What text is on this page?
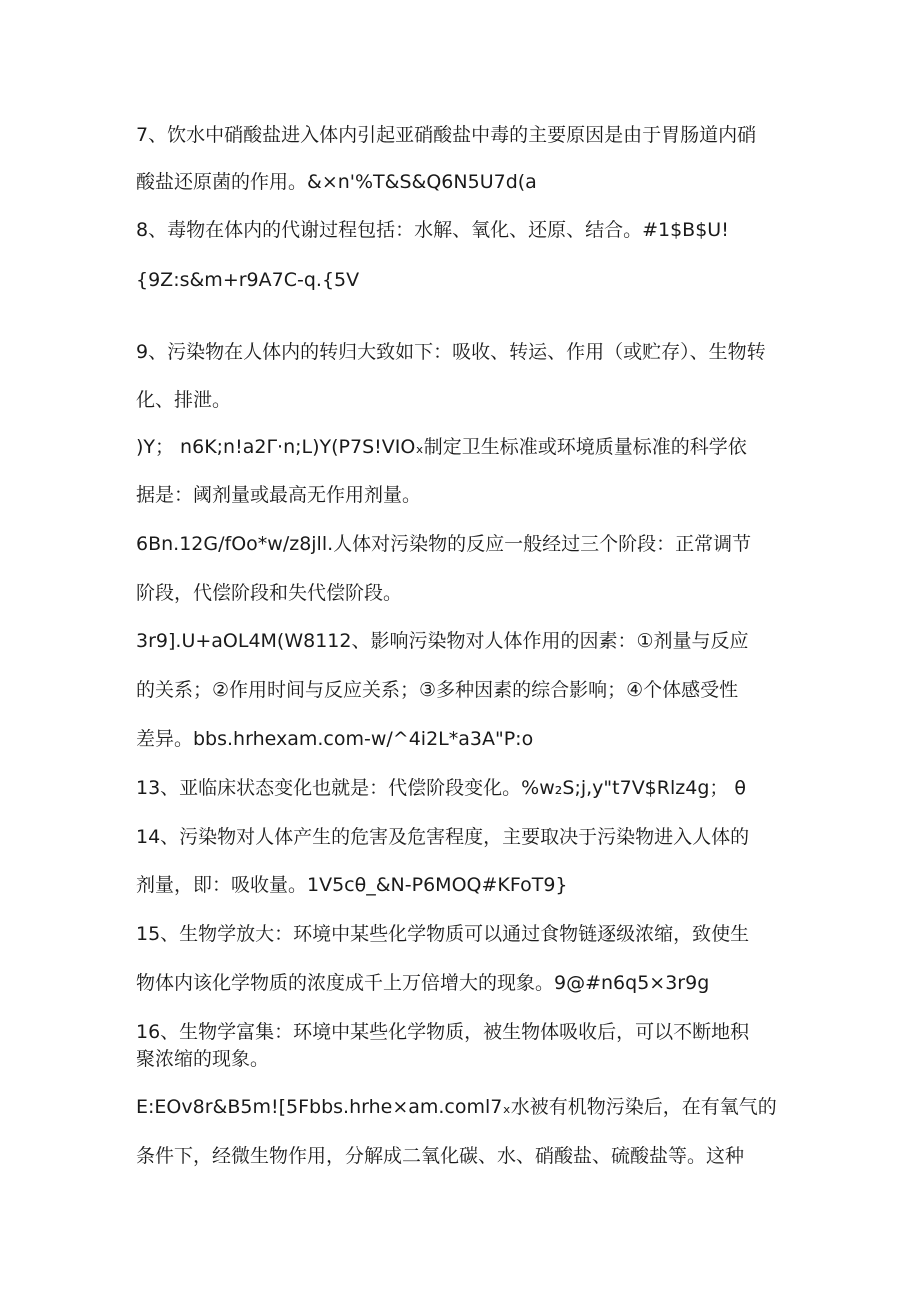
7、饮水中硝酸盐进入体内引起亚硝酸盐中毒的主要原因是由于胃肠道内硝
酸盐还原菌的作用。&×n'%T&S&Q6N5U7d(a
8、毒物在体内的代谢过程包括：水解、氧化、还原、结合。#1$B$U!
{9Z:s&m+r9A7C-q.{5V
9、污染物在人体内的转归大致如下：吸收、转运、作用（或贮存）、生物转
化、排泄。
)Y； n6K;n!a2Γ·n;L)Y(P7S!VIOₓ制定卫生标准或环境质量标准的科学依
据是：阈剂量或最高无作用剂量。
6Bn.12G/fOo*w∕z8jll.人体对污染物的反应一般经过三个阶段：正常调节
阶段，代偿阶段和失代偿阶段。
3r9].U+aOL4M(W8112、影响污染物对人体作用的因素：①剂量与反应
的关系；②作用时间与反应关系；③多种因素的综合影响；④个体感受性
差异。bbs.hrhexam.com-w/^4i2L*a3A"P:o
13、亚临床状态变化也就是：代偿阶段变化。%w₂S;j,y"t7V$Rlz4g； θ
14、污染物对人体产生的危害及危害程度，主要取决于污染物进入人体的
剂量，即：吸收量。1V5cθ_&N-P6MOQ#KFoT9}
15、生物学放大：环境中某些化学物质可以通过食物链逐级浓缩，致使生
物体内该化学物质的浓度成千上万倍增大的现象。9@#n6q5×3r9g
16、生物学富集：环境中某些化学物质，被生物体吸收后，可以不断地积
聚浓缩的现象。
E:EOv8r&B5m![5Fbbs.hrhe×am.coml7ₓ水被有机物污染后，在有氧气的
条件下，经微生物作用，分解成二氧化碳、水、硝酸盐、硫酸盐等。这种
